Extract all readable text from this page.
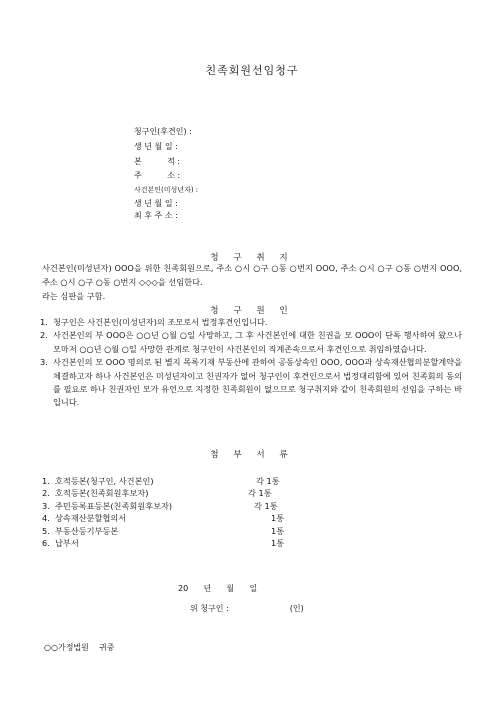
친족회원선임청구
청구인(후견인) :
생 년 월 일 :
본          적 :
주          소 :
사건본인(미성년자) :
생 년 월 일 :
최 후 주 소 :
청 구 취 지
사건본인(미성년자) OOO을 위한 친족회원으로, 주소 ○시 ○구 ○동 ○번지 OOO, 주소 ○시 ○구 ○동 ○번지 OOO, 주소 ○시 ○구 ○동 ○번지 ◇◇◇을 선임한다.
라는 심판을 구함.
청 구 원 인
1. 청구인은 사건본인(미성년자)의 조모로서 법정후견인입니다.
2. 사건본인의 부 OOO은 ○○년 ○월 ○일 사망하고, 그 후 사건본인에 대한 친권을 모 OOO이 단독 행사하여 왔으나 모마저 ○○년 ○월 ○일 사망한 관계로 청구인이 사건본인의 직계존속으로서 후견인으로 취임하였습니다.
3. 사건본인의 모 OOO 명의로 된 별지 목록기재 부동산에 관하여 공동상속인 OOO, OOO과 상속재산협의분할계약을 체결하고자 하나 사건본인은 미성년자이고 친권자가 없어 청구인이 후견인으로서 법정대리함에 있어 친족회의 동의를 필요로 하나 친권자인 모가 유언으로 지정한 친족회원이 없으므로 청구취지와 같이 친족회원의 선임을 구하는 바입니다.
첨 부 서 류
1. 호적등본(청구인, 사건본인)	각 1통
2. 호적등본(친족회원후보자)	각 1통
3. 주민등록표등본(친족회원후보자)	각 1통
4. 상속재산분할협의서	1통
5. 부동산등기부등본	1통
6. 납부서	1통
20      년      월      일
위 청구인 :                        (인)
○○가정법원    귀중
